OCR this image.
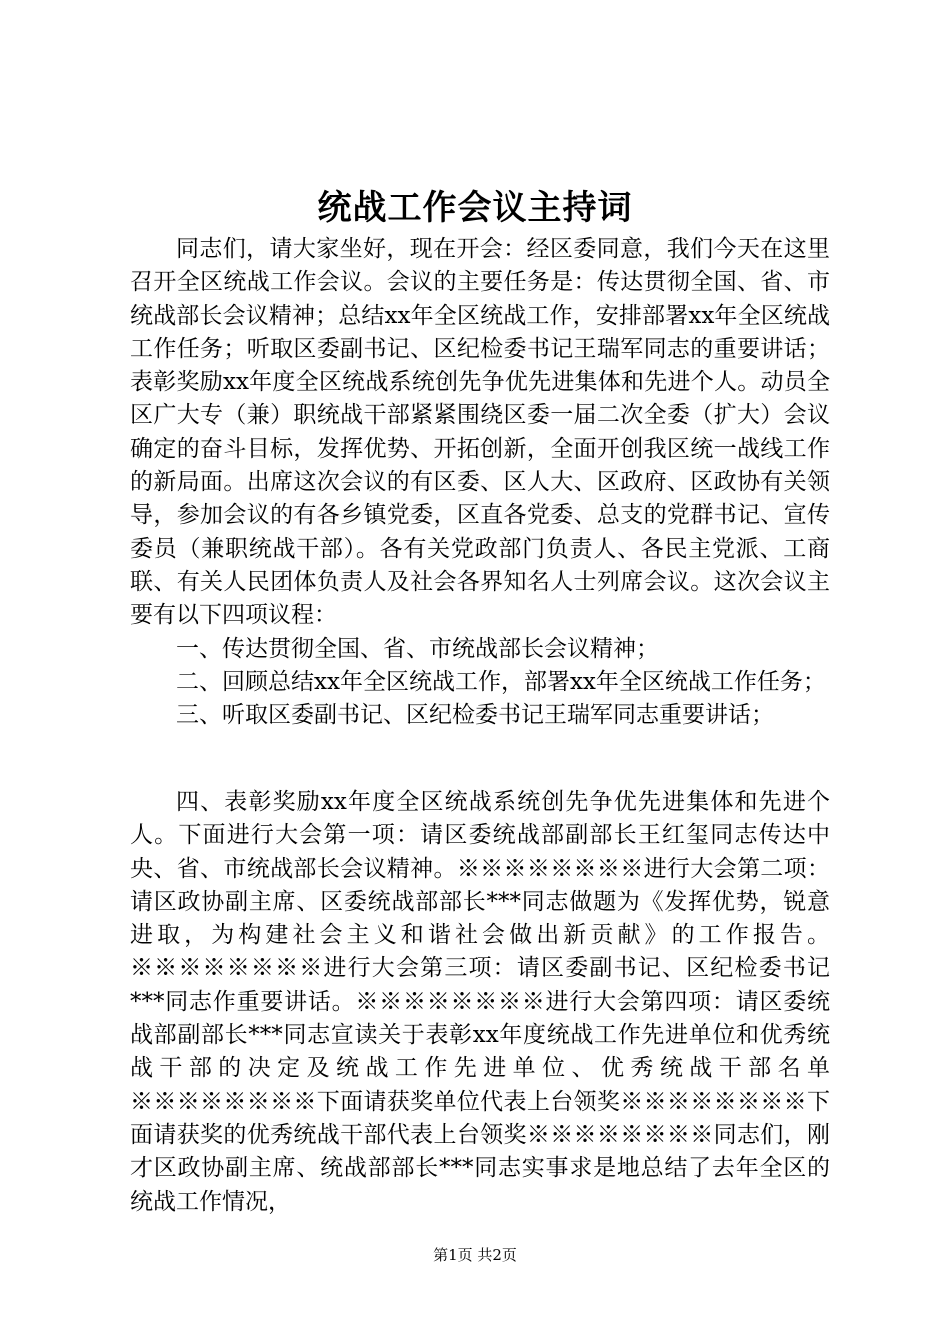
统战工作会议主持词

同志们，请大家坐好，现在开会：经区委同意，我们今天在这里召开全区统战工作会议。会议的主要任务是：传达贯彻全国、省、市统战部长会议精神；总结xx年全区统战工作，安排部署xx年全区统战工作任务；听取区委副书记、区纪检委书记王瑞军同志的重要讲话；表彰奖励xx年度全区统战系统创先争优先进集体和先进个人。动员全区广大专（兼）职统战干部紧紧围绕区委一届二次全委（扩大）会议确定的奋斗目标，发挥优势、开拓创新，全面开创我区统一战线工作的新局面。出席这次会议的有区委、区人大、区政府、区政协有关领导，参加会议的有各乡镇党委，区直各党委、总支的党群书记、宣传委员（兼职统战干部）。各有关党政部门负责人、各民主党派、工商联、有关人民团体负责人及社会各界知名人士列席会议。这次会议主要有以下四项议程：

一、传达贯彻全国、省、市统战部长会议精神；

二、回顾总结xx年全区统战工作，部署xx年全区统战工作任务；

三、听取区委副书记、区纪检委书记王瑞军同志重要讲话；

四、表彰奖励xx年度全区统战系统创先争优先进集体和先进个人。下面进行大会第一项：请区委统战部副部长王红玺同志传达中央、省、市统战部长会议精神。※※※※※※※※进行大会第二项：请区政协副主席、区委统战部部长***同志做题为《发挥优势，锐意进取，为构建社会主义和谐社会做出新贡献》的工作报告。※※※※※※※※进行大会第三项：请区委副书记、区纪检委书记***同志作重要讲话。※※※※※※※※进行大会第四项：请区委统战部副部长***同志宣读关于表彰xx年度统战工作先进单位和优秀统战干部的决定及统战工作先进单位、优秀统战干部名单※※※※※※※※下面请获奖单位代表上台领奖※※※※※※※※下面请获奖的优秀统战干部代表上台领奖※※※※※※※※同志们，刚才区政协副主席、统战部部长***同志实事求是地总结了去年全区的统战工作情况，

第1页 共2页
